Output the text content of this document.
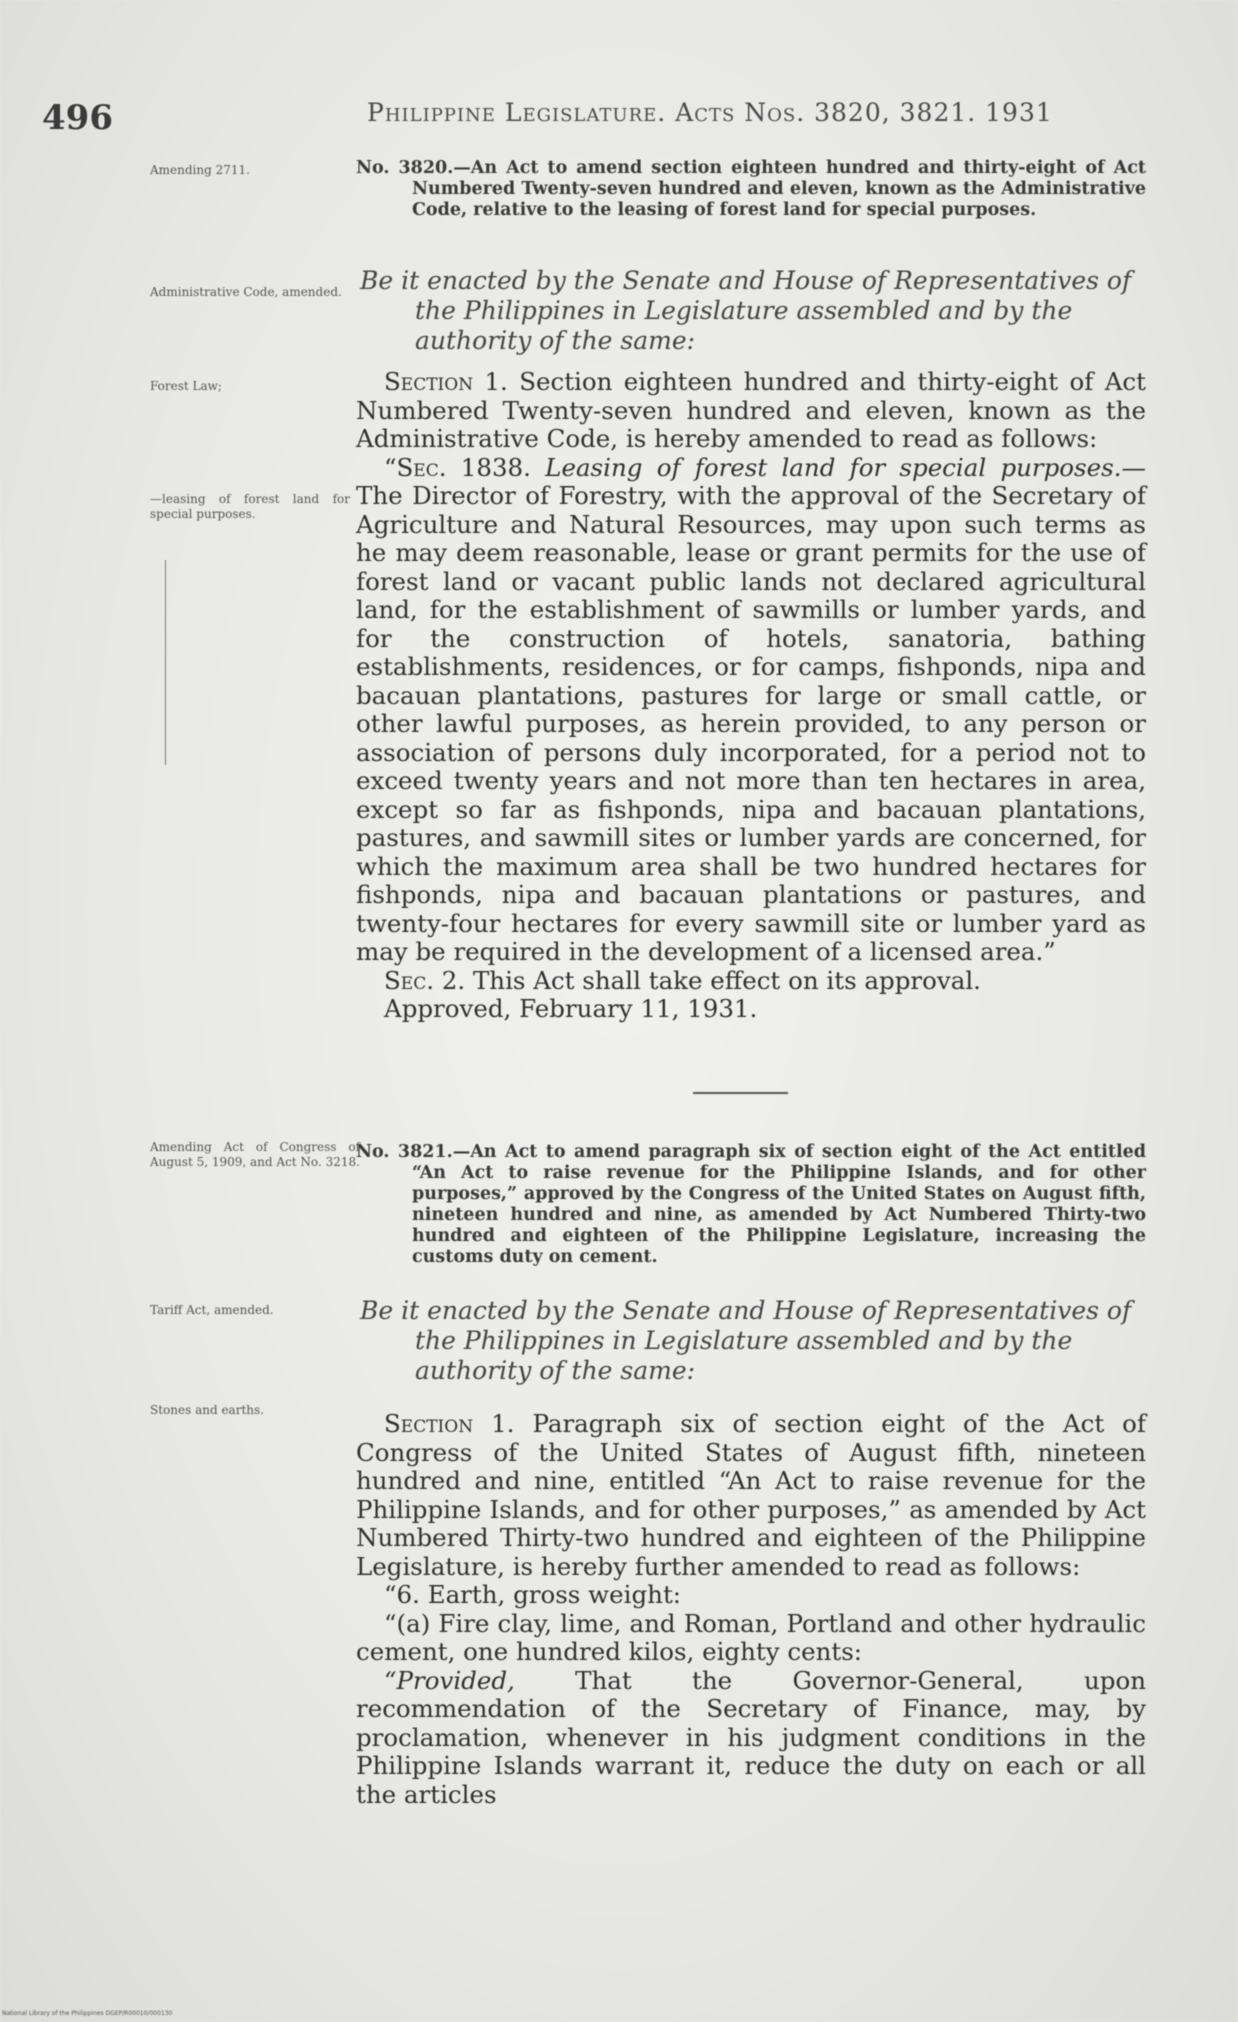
496	Philippine Legislature. Acts Nos. 3820, 3821. 1931
Amending 2711.	No. 3820.—An Act to amend section eighteen hundred and thirty-eight of Act Numbered Twenty-seven hundred and eleven, known as the Administrative Code, relative to the leasing of forest land for special purposes.
Administrative Code, amended. Be it enacted by the Senate and House of Representatives of
the Philippines in Legislature assembled and by the authority of the same:
Forest Law;
—leasing of forest land for special purposes.

Section 1. Section eighteen hundred and thirty-eight of Act Numbered Twenty-seven hundred and eleven, known as the Administrative Code, is hereby amended to read as follows:

“Sec. 1838. Leasing of forest land for special purposes.— The Director of Forestry, with the approval of the Secretary of Agriculture and Natural Resources, may upon such terms as he may deem reasonable, lease or grant permits for the use of forest land or vacant public lands not declared agricultural land, for the establishment of sawmills or lumber yards, and for the construction of hotels, sanatoria, bathing establishments, residences, or for camps, fishponds, nipa and bacauan plantations, pastures for large or small cattle, or other lawful purposes, as herein provided, to any person or association of persons duly incorporated, for a period not to exceed twenty years and not more than ten hectares in area, except so far as fishponds, nipa and bacauan plantations, pastures, and sawmill sites or lumber yards are concerned, for which the maximum area shall be two hundred hectares for fishponds, nipa and bacauan plantations or pastures, and twenty-four hectares for every sawmill site or lumber yard as may be required in the development of a licensed area.”

Sec. 2. This Act shall take effect on its approval.

Approved, February 11, 1931.

Amending Act of Congress of August 5, 1909, and Act No. 3218.
No. 3821.—An Act to amend paragraph six of section eight of the Act entitled “An Act to raise revenue for the Philippine Islands, and for other purposes,” approved by the Congress of the United States on August fifth, nineteen hundred and nine, as amended by Act Numbered Thirty-two hundred and eighteen of the Philippine Legislature, increasing the customs duty on cement.
Tariff Act, amended.	Be it enacted by the Senate and House of Representatives of
the Philippines in Legislature assembled and by the authority of the same:
Stones and earths.	Section 1. Paragraph six of section eight of the Act of Congress of the United States of August fifth, nineteen hundred and nine, entitled “An Act to raise revenue for the Philippine Islands, and for other purposes,” as amended by Act Numbered Thirty-two hundred and eighteen of the Philippine Legislature, is hereby further amended to read as follows:

“6. Earth, gross weight:

“(a) Fire clay, lime, and Roman, Portland and other hydraulic cement, one hundred kilos, eighty cents:

“Provided, That the Governor-General, upon recommendation of the Secretary of Finance, may, by proclamation, whenever in his judgment conditions in the Philippine Islands warrant it, reduce the duty on each or all the articles

National Library of the Philippines DGEP/R00010/000130
